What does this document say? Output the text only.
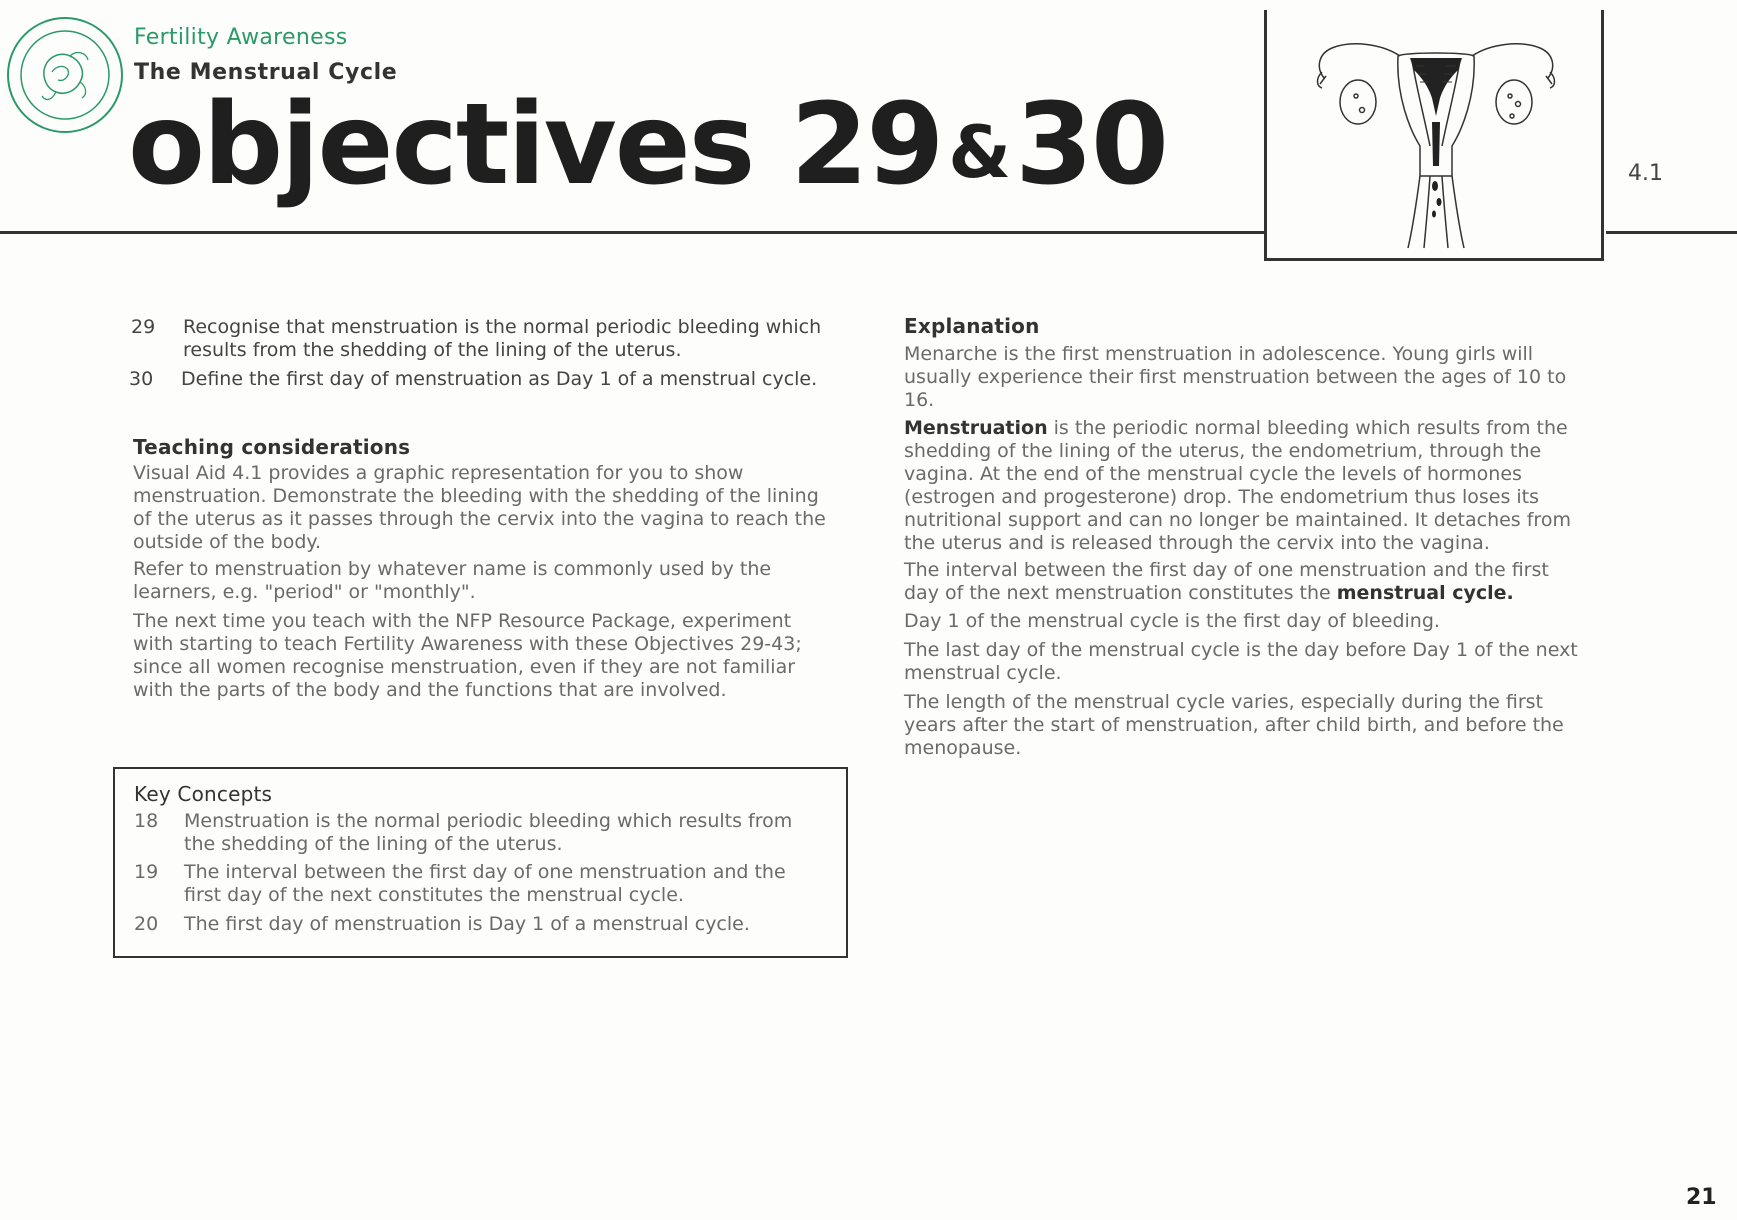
Fertility Awareness
The Menstrual Cycle
objectives 29&30	4.1
29 Recognise that menstruation is the normal periodic bleeding which
results from the shedding of the lining of the uterus.
30 Define the first day of menstruation as Day 1 of a menstrual cycle.
Teaching considerations
Visual Aid 4.1 provides a graphic representation for you to show
menstruation. Demonstrate the bleeding with the shedding of the lining
of the uterus as it passes through the cervix into the vagina to reach the
outside of the body.
Refer to menstruation by whatever name is commonly used by the
learners, e.g. "period" or "monthly".
The next time you teach with the NFP Resource Package, experiment
with starting to teach Fertility Awareness with these Objectives 29-43;
since all women recognise menstruation, even if they are not familiar
with the parts of the body and the functions that are involved.
Key Concepts
18 Menstruation is the normal periodic bleeding which results from
the shedding of the lining of the uterus.
19 The interval between the first day of one menstruation and the
first day of the next constitutes the menstrual cycle.
20 The first day of menstruation is Day 1 of a menstrual cycle.
Explanation
Menarche is the first menstruation in adolescence. Young girls will
usually experience their first menstruation between the ages of 10 to
16.
Menstruation is the periodic normal bleeding which results from the
shedding of the lining of the uterus, the endometrium, through the
vagina. At the end of the menstrual cycle the levels of hormones
(estrogen and progesterone) drop. The endometrium thus loses its
nutritional support and can no longer be maintained. It detaches from
the uterus and is released through the cervix into the vagina.
The interval between the first day of one menstruation and the first
day of the next menstruation constitutes the menstrual cycle.
Day 1 of the menstrual cycle is the first day of bleeding.
The last day of the menstrual cycle is the day before Day 1 of the next
menstrual cycle.
The length of the menstrual cycle varies, especially during the first
years after the start of menstruation, after child birth, and before the
menopause.
21
